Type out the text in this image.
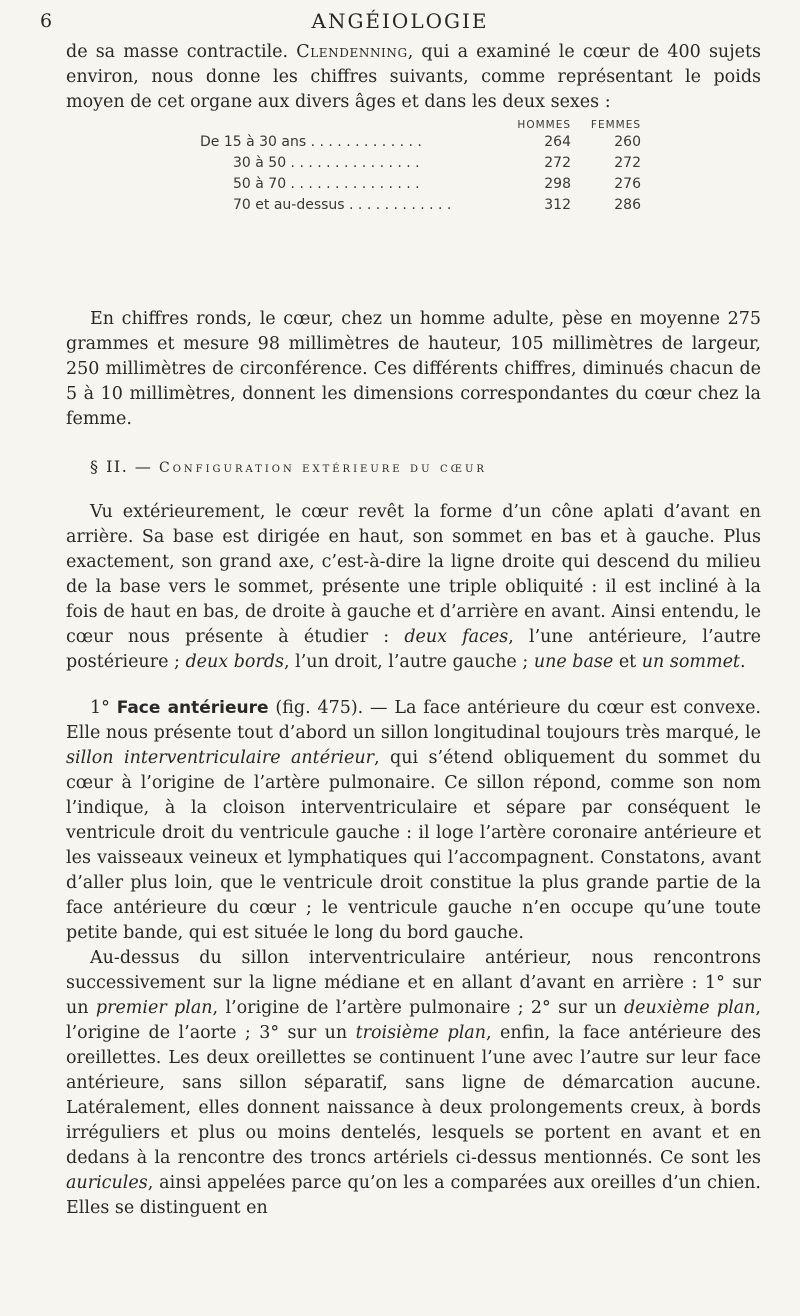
6	ANGÉIOLOGIE

de sa masse contractile. Clendenning, qui a examiné le cœur de 400 sujets environ, nous donne les chiffres suivants, comme représentant le poids moyen de cet organe aux divers âges et dans les deux sexes :

	HOMMES	FEMMES
De 15 à 30 ans . . . . . . . . . . . . .	264	260
30 à 50 . . . . . . . . . . . . . . .	272	272
50 à 70 . . . . . . . . . . . . . . .	298	276
70 et au-dessus . . . . . . . . . . . .	312	286

En chiffres ronds, le cœur, chez un homme adulte, pèse en moyenne 275 grammes et mesure 98 millimètres de hauteur, 105 millimètres de largeur, 250 millimètres de circonférence. Ces différents chiffres, diminués chacun de 5 à 10 millimètres, donnent les dimensions correspondantes du cœur chez la femme.

§ II. — Configuration extérieure du cœur

Vu extérieurement, le cœur revêt la forme d’un cône aplati d’avant en arrière. Sa base est dirigée en haut, son sommet en bas et à gauche. Plus exactement, son grand axe, c’est-à-dire la ligne droite qui descend du milieu de la base vers le sommet, présente une triple obliquité : il est incliné à la fois de haut en bas, de droite à gauche et d’arrière en avant. Ainsi entendu, le cœur nous présente à étudier : deux faces, l’une antérieure, l’autre postérieure ; deux bords, l’un droit, l’autre gauche ; une base et un sommet.

1° Face antérieure (fig. 475). — La face antérieure du cœur est convexe. Elle nous présente tout d’abord un sillon longitudinal toujours très marqué, le sillon interventriculaire antérieur, qui s’étend obliquement du sommet du cœur à l’origine de l’artère pulmonaire. Ce sillon répond, comme son nom l’indique, à la cloison interventriculaire et sépare par conséquent le ventricule droit du ventricule gauche : il loge l’artère coronaire antérieure et les vaisseaux veineux et lymphatiques qui l’accompagnent. Constatons, avant d’aller plus loin, que le ventricule droit constitue la plus grande partie de la face antérieure du cœur ; le ventricule gauche n’en occupe qu’une toute petite bande, qui est située le long du bord gauche.

Au-dessus du sillon interventriculaire antérieur, nous rencontrons successivement sur la ligne médiane et en allant d’avant en arrière : 1° sur un premier plan, l’origine de l’artère pulmonaire ; 2° sur un deuxième plan, l’origine de l’aorte ; 3° sur un troisième plan, enfin, la face antérieure des oreillettes. Les deux oreillettes se continuent l’une avec l’autre sur leur face antérieure, sans sillon séparatif, sans ligne de démarcation aucune. Latéralement, elles donnent naissance à deux prolongements creux, à bords irréguliers et plus ou moins dentelés, lesquels se portent en avant et en dedans à la rencontre des troncs artériels ci-dessus mentionnés. Ce sont les auricules, ainsi appelées parce qu’on les a comparées aux oreilles d’un chien. Elles se distinguent en
